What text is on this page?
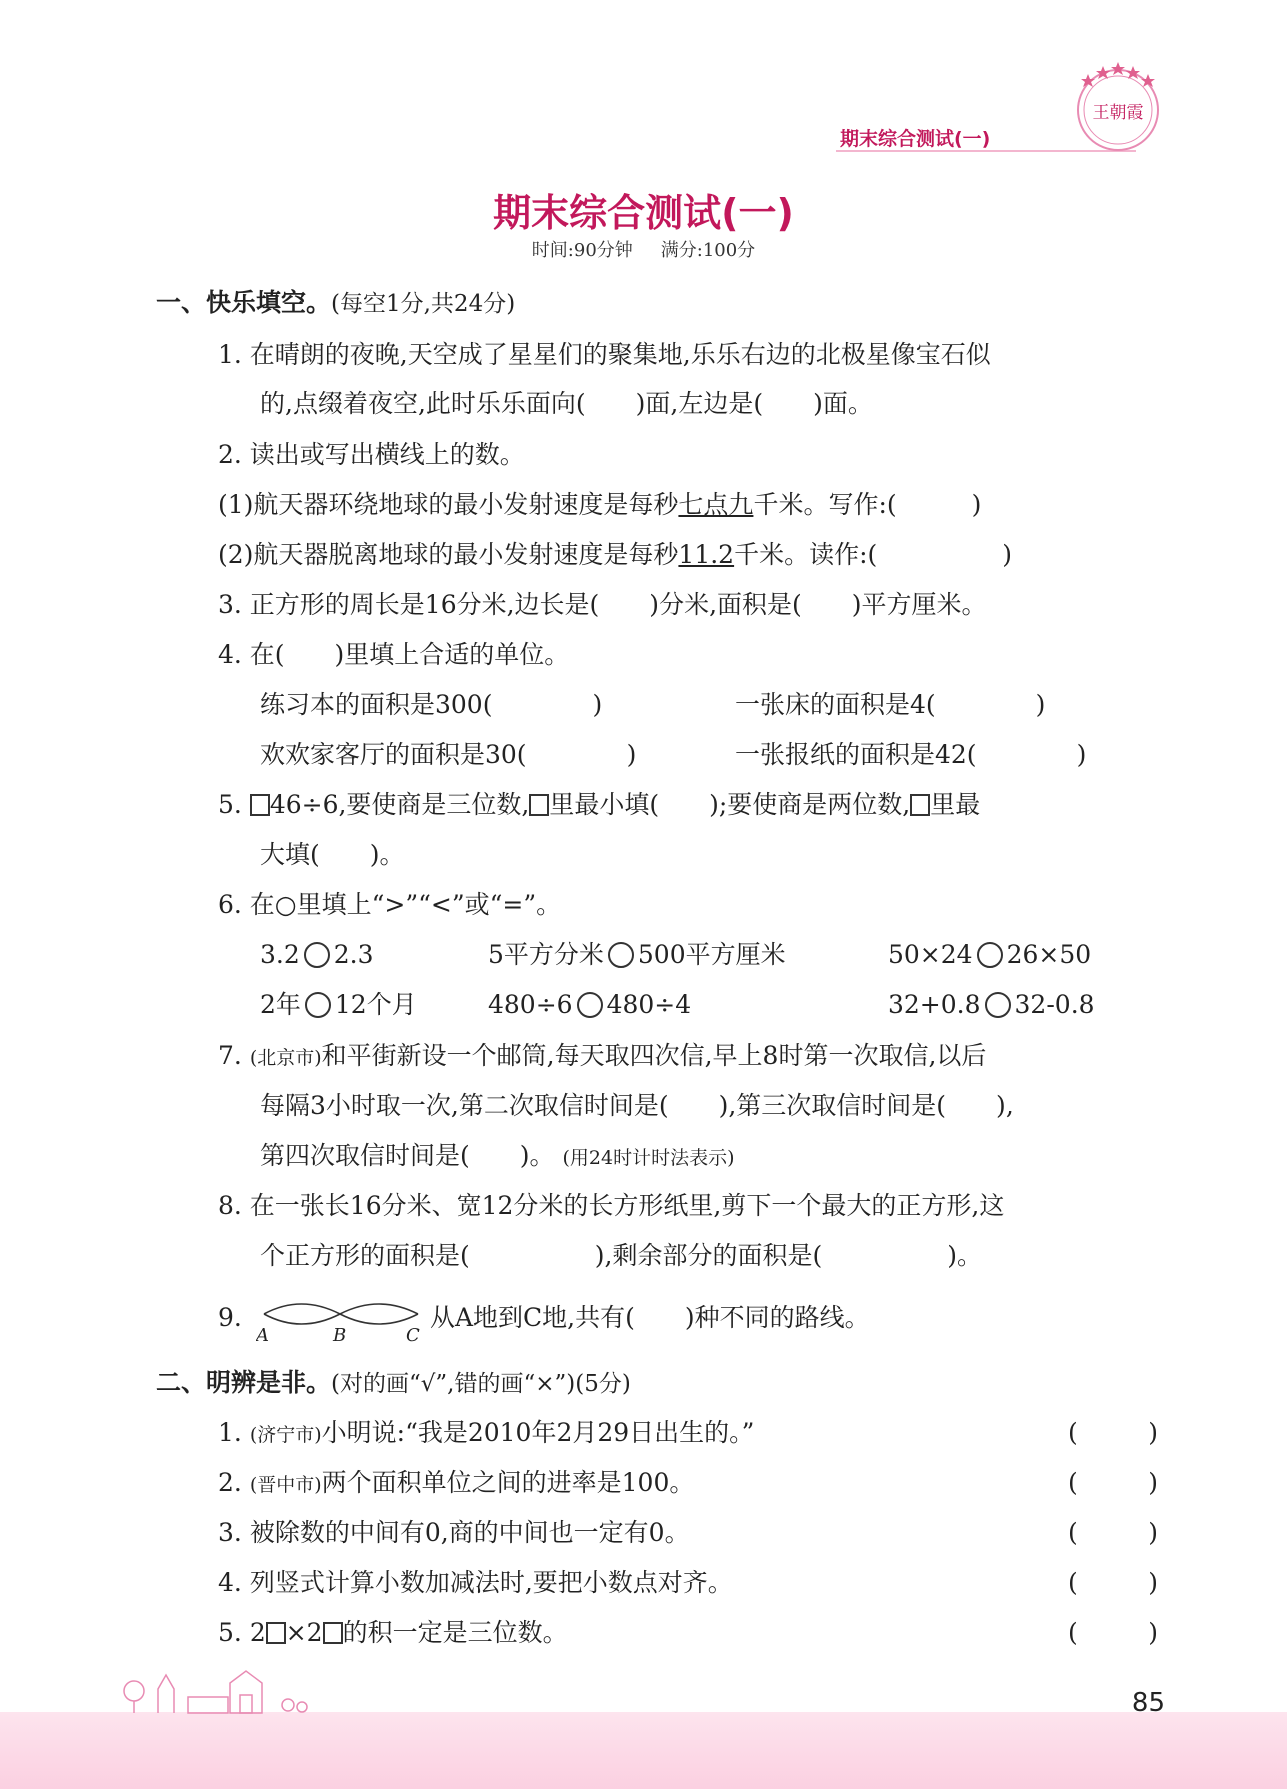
期末综合测试(一)
王朝霞
期末综合测试(一)
时间:90分钟 满分:100分
一、快乐填空。(每空1分,共24分)
1. 在晴朗的夜晚,天空成了星星们的聚集地,乐乐右边的北极星像宝石似
的,点缀着夜空,此时乐乐面向(　　)面,左边是(　　)面。
2. 读出或写出横线上的数。
(1)航天器环绕地球的最小发射速度是每秒七点九千米。写作:(　　　)
(2)航天器脱离地球的最小发射速度是每秒11.2千米。读作:(　　　　　)
3. 正方形的周长是16分米,边长是(　　)分米,面积是(　　)平方厘米。
4. 在(　　)里填上合适的单位。
练习本的面积是300(　　　　)	一张床的面积是4(　　　　)
欢欢家客厅的面积是30(　　　　)	一张报纸的面积是42(　　　　)
5. 46÷6,要使商是三位数, 里最小填(　　);要使商是两位数, 里最
大填(　　)。
6. 在○里填上“>”“<”或“=”。
3.2 2.3	5平方分米 500平方厘米	50×24 26×50
2年 12个月	480÷6 480÷4	32+0.8 32-0.8
7. (北京市)和平街新设一个邮筒,每天取四次信,早上8时第一次取信,以后
每隔3小时取一次,第二次取信时间是(　　),第三次取信时间是(　　),
第四次取信时间是(　　)。 (用24时计时法表示)
8. 在一张长16分米、宽12分米的长方形纸里,剪下一个最大的正方形,这
个正方形的面积是(　　　　　),剩余部分的面积是(　　　　　)。
9.
A	B	C
从A地到C地,共有(　　)种不同的路线。
二、明辨是非。(对的画“√”,错的画“×”)(5分)
1. (济宁市)小明说:“我是2010年2月29日出生的。”	(	)
2. (晋中市)两个面积单位之间的进率是100。	(	)
3. 被除数的中间有0,商的中间也一定有0。	(	)
4. 列竖式计算小数加减法时,要把小数点对齐。	(	)
5. 2 ×2 的积一定是三位数。	(	)
85
